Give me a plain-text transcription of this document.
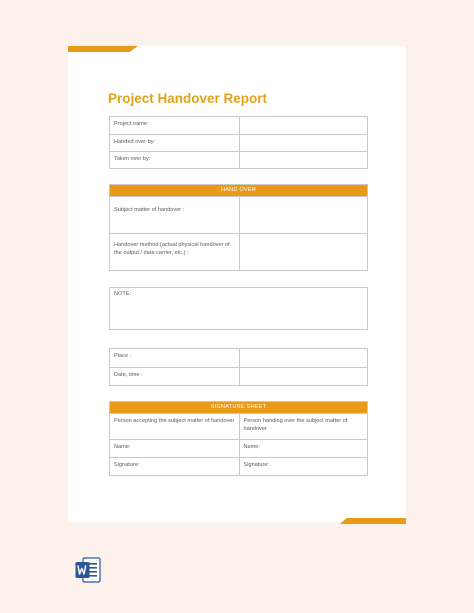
Project Handover Report
Project name:
Handed over by:
Taken over by:
HAND OVER
Subject matter of handover :
Handover method (actual physical handover of the output / data carrier, etc.) :
NOTE:
Place :
Date, time :
SIGNATURE SHEET
Person accepting the subject matter of handover	Person handing over the subject matter of handover
Name:	Name:
Signature:	Signature:
